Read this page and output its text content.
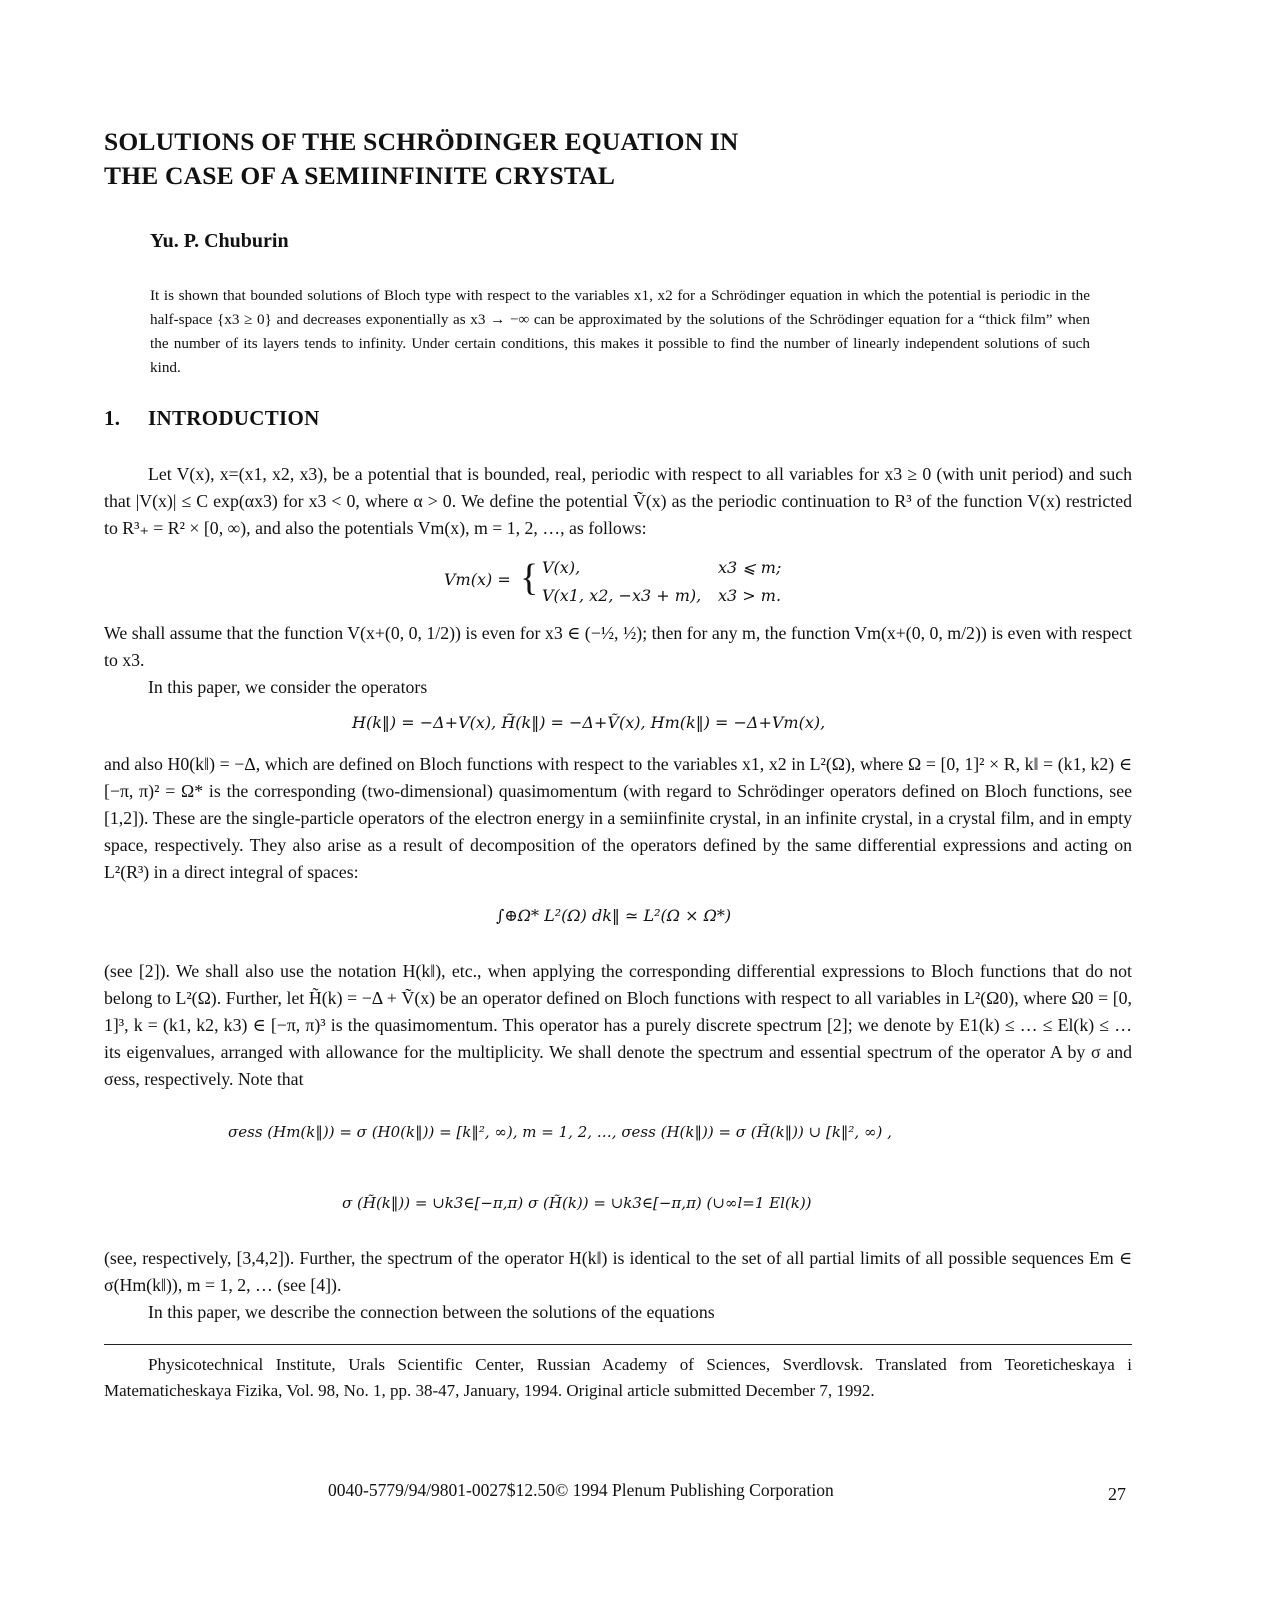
SOLUTIONS OF THE SCHRÖDINGER EQUATION IN
THE CASE OF A SEMIINFINITE CRYSTAL
Yu. P. Chuburin
It is shown that bounded solutions of Bloch type with respect to the variables x1, x2 for a Schrödinger equation in which the potential is periodic in the half-space {x3 ≥ 0} and decreases exponentially as x3 → −∞ can be approximated by the solutions of the Schrödinger equation for a “thick film” when the number of its layers tends to infinity. Under certain conditions, this makes it possible to find the number of linearly independent solutions of such kind.
1. INTRODUCTION
Let V(x), x=(x1, x2, x3), be a potential that is bounded, real, periodic with respect to all variables for x3 ≥ 0 (with unit period) and such that |V(x)| ≤ C exp(αx3) for x3 < 0, where α > 0. We define the potential Ṽ(x) as the periodic continuation to R³ of the function V(x) restricted to R³₊ = R² × [0, ∞), and also the potentials Vm(x), m = 1, 2, …, as follows:
Vm(x) = { V(x),	x3 ⩽ m;
V(x1, x2, −x3 + m), x3 > m.
We shall assume that the function V(x+(0, 0, 1/2)) is even for x3 ∈ (−½, ½); then for any m, the function Vm(x+(0, 0, m/2)) is even with respect to x3.
In this paper, we consider the operators
H(k‖) = −Δ+V(x), H̃(k‖) = −Δ+Ṽ(x), Hm(k‖) = −Δ+Vm(x),
and also H0(k‖) = −Δ, which are defined on Bloch functions with respect to the variables x1, x2 in L²(Ω), where Ω = [0, 1]² × R, k‖ = (k1, k2) ∈ [−π, π)² = Ω* is the corresponding (two-dimensional) quasimomentum (with regard to Schrödinger operators defined on Bloch functions, see [1,2]). These are the single-particle operators of the electron energy in a semiinfinite crystal, in an infinite crystal, in a crystal film, and in empty space, respectively. They also arise as a result of decomposition of the operators defined by the same differential expressions and acting on L²(R³) in a direct integral of spaces:
∫⊕Ω* L²(Ω) dk‖ ≃ L²(Ω × Ω*)
(see [2]). We shall also use the notation H(k‖), etc., when applying the corresponding differential expressions to Bloch functions that do not belong to L²(Ω). Further, let H̃(k) = −Δ + Ṽ(x) be an operator defined on Bloch functions with respect to all variables in L²(Ω0), where Ω0 = [0, 1]³, k = (k1, k2, k3) ∈ [−π, π)³ is the quasimomentum. This operator has a purely discrete spectrum [2]; we denote by E1(k) ≤ … ≤ El(k) ≤ … its eigenvalues, arranged with allowance for the multiplicity. We shall denote the spectrum and essential spectrum of the operator A by σ and σess, respectively. Note that
σess (Hm(k‖)) = σ (H0(k‖)) = [k‖², ∞), m = 1, 2, …, σess (H(k‖)) = σ (H̃(k‖)) ∪ [k‖², ∞) ,
σ (H̃(k‖)) = ∪k3∈[−π,π) σ (H̃(k)) = ∪k3∈[−π,π) (∪∞l=1 El(k))
(see, respectively, [3,4,2]). Further, the spectrum of the operator H(k‖) is identical to the set of all partial limits of all possible sequences Em ∈ σ(Hm(k‖)), m = 1, 2, … (see [4]).
In this paper, we describe the connection between the solutions of the equations
Physicotechnical Institute, Urals Scientific Center, Russian Academy of Sciences, Sverdlovsk. Translated from Teoreticheskaya i Matematicheskaya Fizika, Vol. 98, No. 1, pp. 38-47, January, 1994. Original article submitted December 7, 1992.
0040-5779/94/9801-0027$12.50© 1994 Plenum Publishing Corporation	27
